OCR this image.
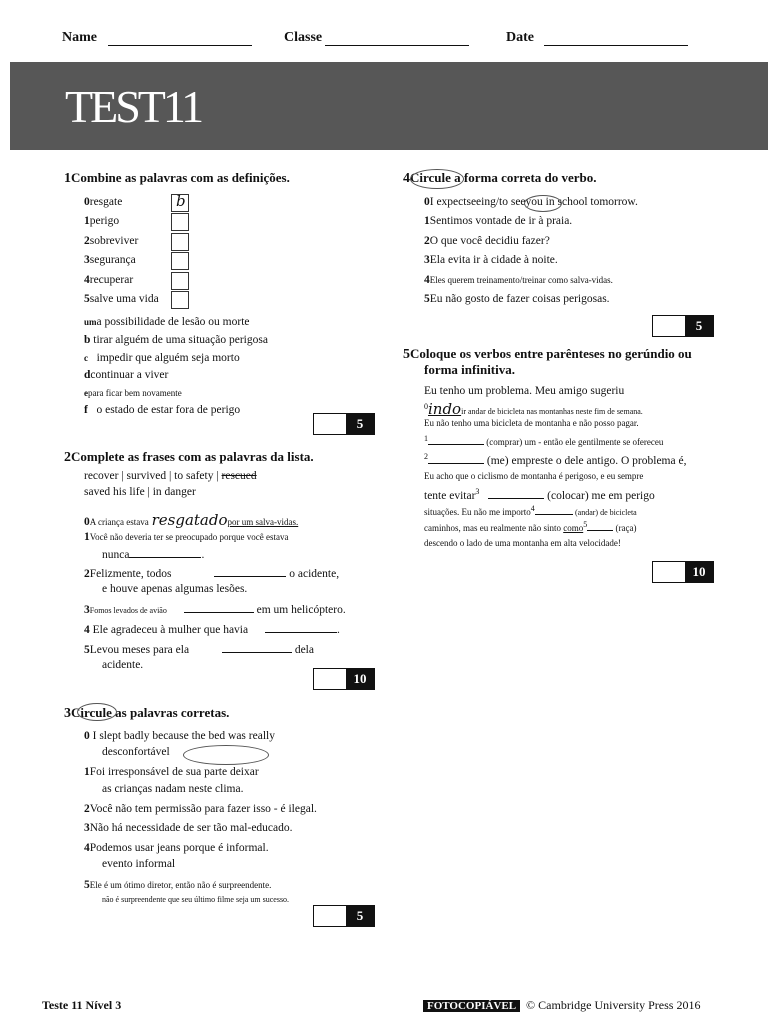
Name	Classe	Date
TEST11
1Combine as palavras com as definições.
0resgate
1perigo
2sobreviver
3segurança
4recuperar
5salve uma vida
b
uma possibilidade de lesão ou morte
b tirar alguém de uma situação perigosa
c impedir que alguém seja morto
dcontinuar a viver
epara ficar bem novamente
f o estado de estar fora de perigo
5
2Complete as frases com as palavras da lista.
recover | survived | to safety | rescued
saved his life | in danger
0A criança estava resgatadopor um salva-vidas.
1Você não deveria ter se preocupado porque você estava
nunca	.
2Felizmente, todos	o acidente,
e houve apenas algumas lesões.
3Fomos levados de avião	em um helicóptero.
4 Ele agradeceu à mulher que havia	.
5Levou meses para ela	dela
acidente.
10
3Circule as palavras corretas.
0 I slept badly because the bed was really
desconfortável
1Foi irresponsável de sua parte deixar
as crianças nadam neste clima.
2Você não tem permissão para fazer isso - é ilegal.
3Não há necessidade de ser tão mal-educado.
4Podemos usar jeans porque é informal.
evento informal
5Ele é um ótimo diretor, então não é surpreendente.
não é surpreendente que seu último filme seja um sucesso.
5
4Circule a forma correta do verbo.
0I expectseeing/to seeyou in school tomorrow.
1Sentimos vontade de ir à praia.
2O que você decidiu fazer?
3Ela evita ir à cidade à noite.
4Eles querem treinamento/treinar como salva-vidas.
5Eu não gosto de fazer coisas perigosas.
5
5Coloque os verbos entre parênteses no gerúndio ou
forma infinitiva.
Eu tenho um problema. Meu amigo sugeriu
$^0$indoir andar de bicicleta nas montanhas neste fim de semana.
Eu não tenho uma bicicleta de montanha e não posso pagar.
$^1$	(comprar) um - então ele gentilmente se ofereceu
$^2$	(me) empreste o dele antigo. O problema é,
Eu acho que o ciclismo de montanha é perigoso, e eu sempre
tente evitar$^3$	(colocar) me em perigo
situações. Eu não me importo$^4$	(andar) de bicicleta
caminhos, mas eu realmente não sinto como$^5$	(raça)
descendo o lado de uma montanha em alta velocidade!
10
Teste 11 Nível 3	FOTOCOPIÁVEL © Cambridge University Press 2016
